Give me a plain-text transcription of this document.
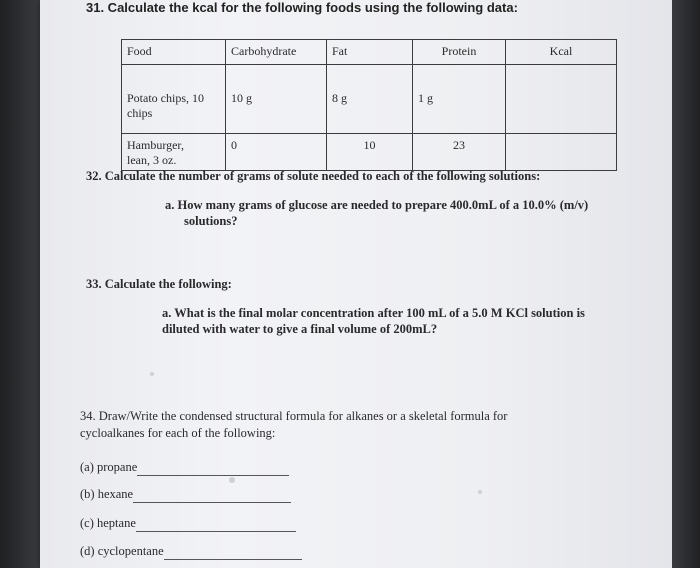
31. Calculate the kcal for the following foods using the following data:
Food	Carbohydrate	Fat	Protein	Kcal

Potato chips, 10 chips	10 g	8 g	1 g	

Hamburger, lean, 3 oz.	0	10	23	
32. Calculate the number of grams of solute needed to each of the following solutions:
a. How many grams of glucose are needed to prepare 400.0mL of a 10.0% (m/v)
solutions?
33. Calculate the following:
a. What is the final molar concentration after 100 mL of a 5.0 M KCl solution is
diluted with water to give a final volume of 200mL?
34. Draw/Write the condensed structural formula for alkanes or a skeletal formula for
cycloalkanes for each of the following:
(a) propane
(b) hexane
(c) heptane
(d) cyclopentane
